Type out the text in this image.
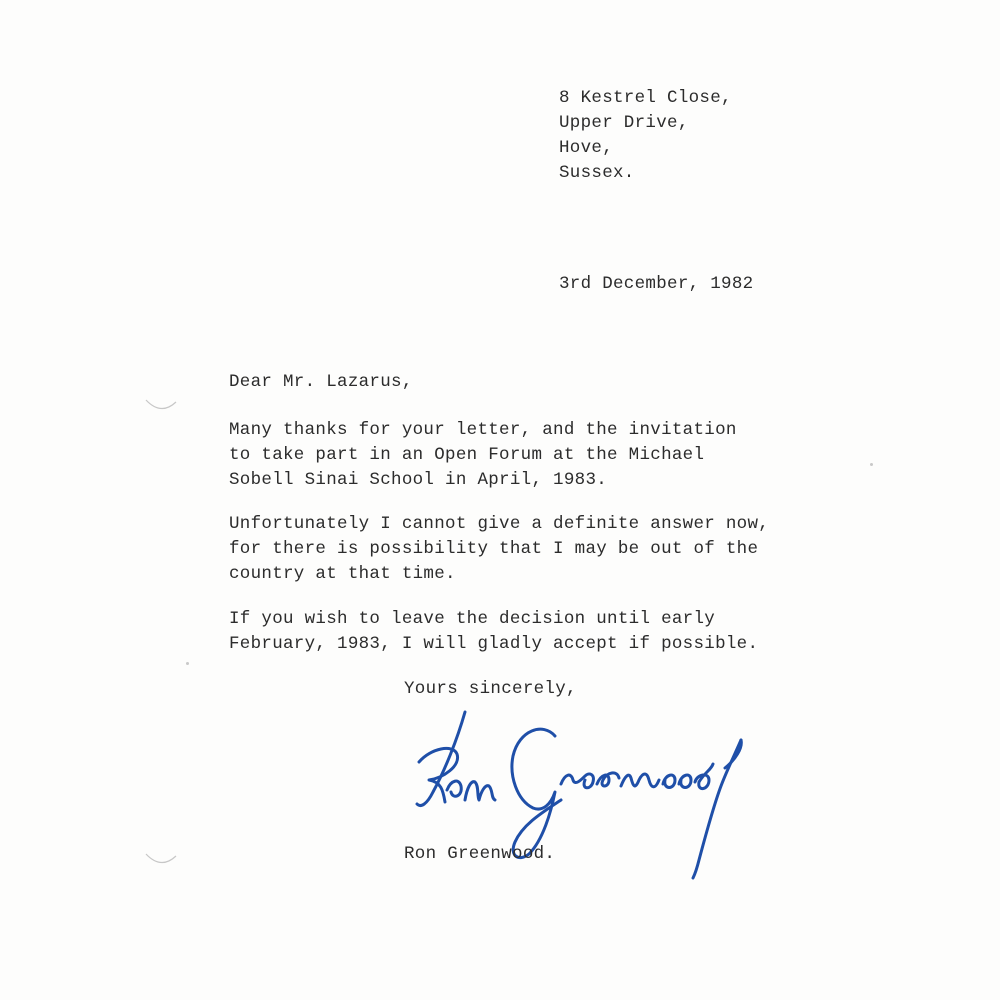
8 Kestrel Close,
Upper Drive,
Hove,
Sussex.
3rd December, 1982
Dear Mr. Lazarus,
Many thanks for your letter, and the invitation
to take part in an Open Forum at the Michael
Sobell Sinai School in April, 1983.
Unfortunately I cannot give a definite answer now,
for there is possibility that I may be out of the
country at that time.
If you wish to leave the decision until early
February, 1983, I will gladly accept if possible.
Yours sincerely,
Ron Greenwood.
